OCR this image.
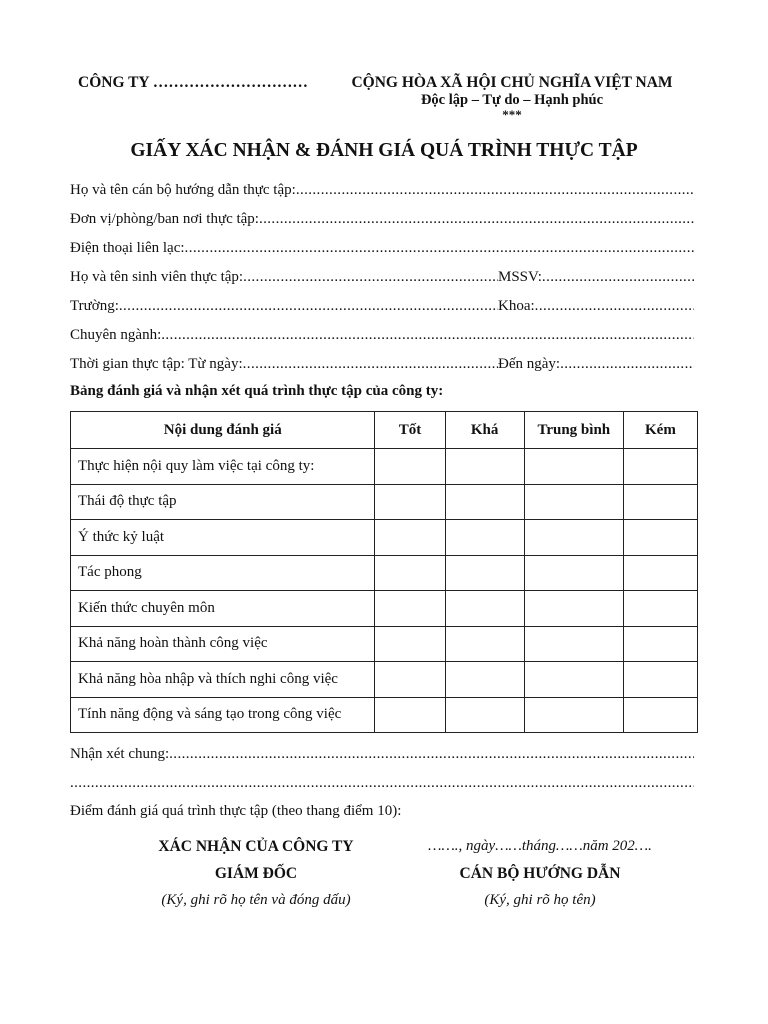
CÔNG TY …………………………	CỘNG HÒA XÃ HỘI CHỦ NGHĨA VIỆT NAM
Độc lập – Tự do – Hạnh phúc
***
GIẤY XÁC NHẬN & ĐÁNH GIÁ QUÁ TRÌNH THỰC TẬP
Họ và tên cán bộ hướng dẫn thực tập:
.....
Đơn vị/phòng/ban nơi thực tập:
.....
Điện thoại liên lạc:
.....
Họ và tên sinh viên thực tập: .....	MSSV:
.....
Trường: .....	Khoa:
.....
Chuyên ngành:
.....
Thời gian thực tập: Từ ngày: .....	Đến ngày:
.....
Bảng đánh giá và nhận xét quá trình thực tập của công ty:
Nội dung đánh giá	Tốt	Khá	Trung bình	Kém
Thực hiện nội quy làm việc tại công ty:				
Thái độ thực tập				
Ý thức kỷ luật				
Tác phong				
Kiến thức chuyên môn				
Khả năng hoàn thành công việc				
Khả năng hòa nhập và thích nghi công việc				
Tính năng động và sáng tạo trong công việc				
Nhận xét chung:
.....
.....
Điểm đánh giá quá trình thực tập (theo thang điểm 10):
XÁC NHẬN CỦA CÔNG TY
GIÁM ĐỐC
(Ký, ghi rõ họ tên và đóng dấu)
……., ngày……tháng……năm 202….
CÁN BỘ HƯỚNG DẪN
(Ký, ghi rõ họ tên)
